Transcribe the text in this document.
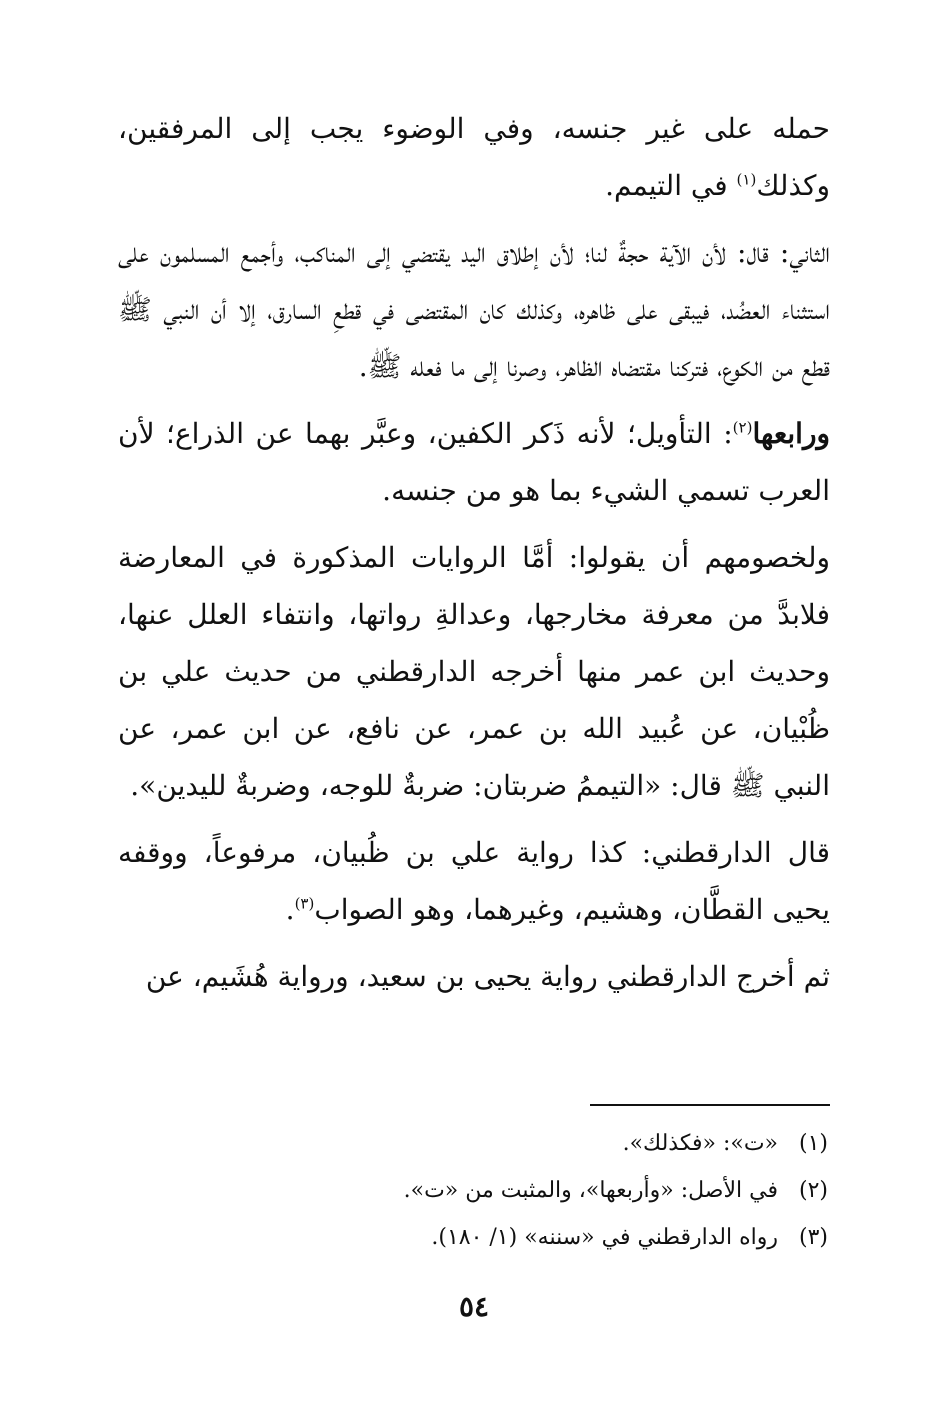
حمله على غير جنسه، وفي الوضوء يجب إلى المرفقين، وكذلك$^{(١)}$ في التيمم.

الثاني: قال: لأن الآية حجةٌ لنا؛ لأن إطلاق اليد يقتضي إلى المناكب، وأجمع المسلمون على استثناء العضُد، فيبقى على ظاهره، وكذلك كان المقتضى في قطعِ السارق، إلا أن النبي ﷺ قطع من الكوع، فتركنا مقتضاه الظاهر، وصرنا إلى ما فعله ﷺ.

ورابعها$^{(٢)}$: التأويل؛ لأنه ذَكر الكفين، وعبَّر بهما عن الذراع؛ لأن العرب تسمي الشيء بما هو من جنسه.

ولخصومهم أن يقولوا: أمَّا الروايات المذكورة في المعارضة فلابدَّ من معرفة مخارجها، وعدالةِ رواتها، وانتفاء العلل عنها، وحديث ابن عمر منها أخرجه الدارقطني من حديث علي بن ظُبْيان، عن عُبيد الله بن عمر، عن نافع، عن ابن عمر، عن النبي ﷺ قال: «التيممُ ضربتان: ضربةٌ للوجه، وضربةٌ لليدين».

قال الدارقطني: كذا رواية علي بن ظُبيان، مرفوعاً، ووقفه يحيى القطَّان، وهشيم، وغيرهما، وهو الصواب$^{(٣)}$.

ثم أخرج الدارقطني رواية يحيى بن سعيد، ورواية هُشَيم، عن

(١)«ت»: «فكذلك».

(٢)في الأصل: «وأربعها»، والمثبت من «ت».

(٣)رواه الدارقطني في «سننه» (١/ ١٨٠).

٥٤
